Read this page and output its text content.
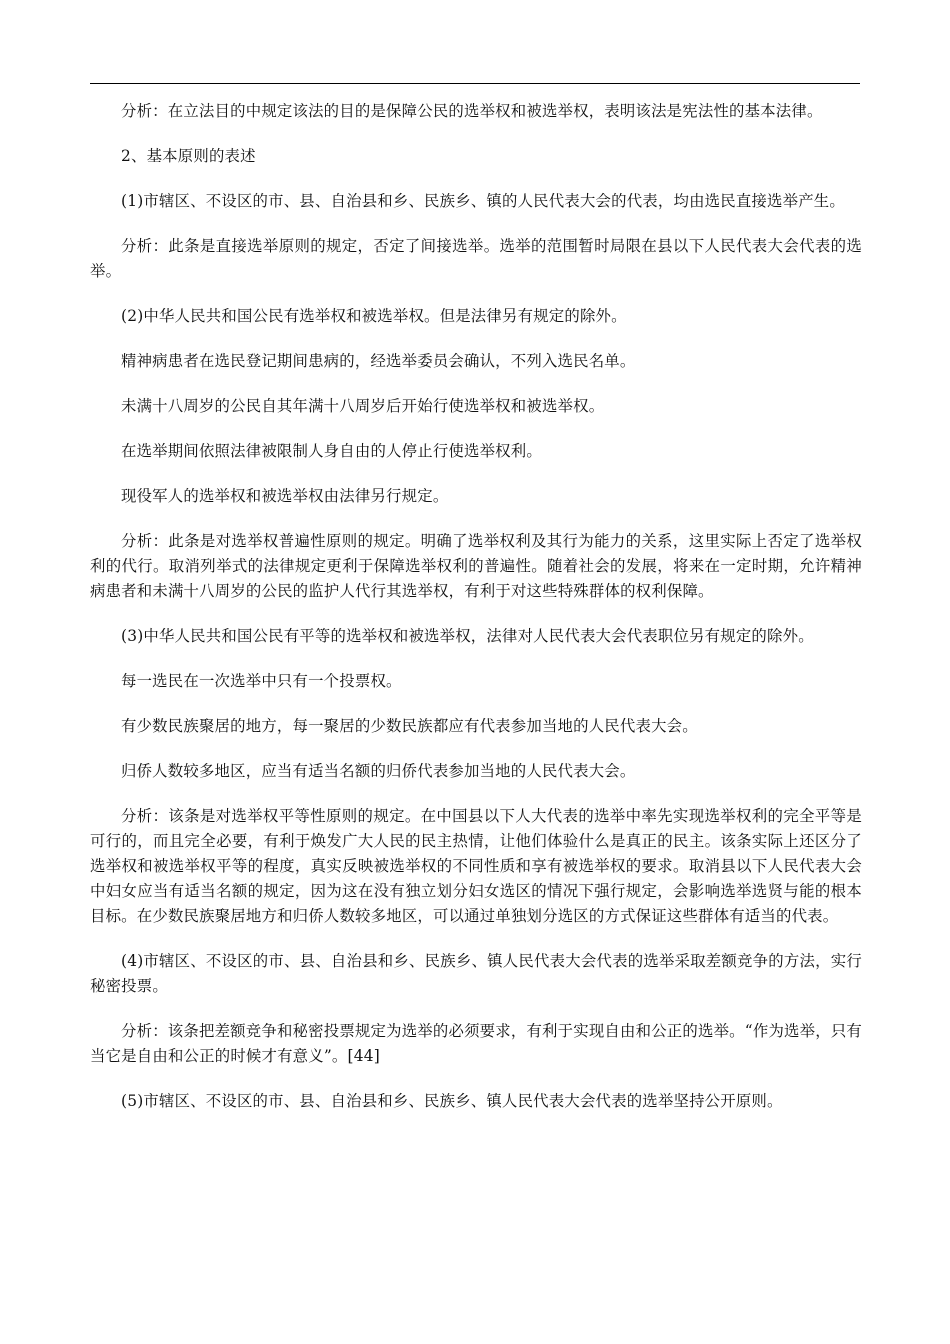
分析：在立法目的中规定该法的目的是保障公民的选举权和被选举权，表明该法是宪法性的基本法律。

2、基本原则的表述

(1)市辖区、不设区的市、县、自治县和乡、民族乡、镇的人民代表大会的代表，均由选民直接选举产生。

分析：此条是直接选举原则的规定，否定了间接选举。选举的范围暂时局限在县以下人民代表大会代表的选举。

(2)中华人民共和国公民有选举权和被选举权。但是法律另有规定的除外。

精神病患者在选民登记期间患病的，经选举委员会确认，不列入选民名单。

未满十八周岁的公民自其年满十八周岁后开始行使选举权和被选举权。

在选举期间依照法律被限制人身自由的人停止行使选举权利。

现役军人的选举权和被选举权由法律另行规定。

分析：此条是对选举权普遍性原则的规定。明确了选举权利及其行为能力的关系，这里实际上否定了选举权利的代行。取消列举式的法律规定更利于保障选举权利的普遍性。随着社会的发展，将来在一定时期，允许精神病患者和未满十八周岁的公民的监护人代行其选举权，有利于对这些特殊群体的权利保障。

(3)中华人民共和国公民有平等的选举权和被选举权，法律对人民代表大会代表职位另有规定的除外。

每一选民在一次选举中只有一个投票权。

有少数民族聚居的地方，每一聚居的少数民族都应有代表参加当地的人民代表大会。

归侨人数较多地区，应当有适当名额的归侨代表参加当地的人民代表大会。

分析：该条是对选举权平等性原则的规定。在中国县以下人大代表的选举中率先实现选举权利的完全平等是可行的，而且完全必要，有利于焕发广大人民的民主热情，让他们体验什么是真正的民主。该条实际上还区分了选举权和被选举权平等的程度，真实反映被选举权的不同性质和享有被选举权的要求。取消县以下人民代表大会中妇女应当有适当名额的规定，因为这在没有独立划分妇女选区的情况下强行规定，会影响选举选贤与能的根本目标。在少数民族聚居地方和归侨人数较多地区，可以通过单独划分选区的方式保证这些群体有适当的代表。

(4)市辖区、不设区的市、县、自治县和乡、民族乡、镇人民代表大会代表的选举采取差额竞争的方法，实行秘密投票。

分析：该条把差额竞争和秘密投票规定为选举的必须要求，有利于实现自由和公正的选举。“作为选举，只有当它是自由和公正的时候才有意义”。[44]

(5)市辖区、不设区的市、县、自治县和乡、民族乡、镇人民代表大会代表的选举坚持公开原则。
